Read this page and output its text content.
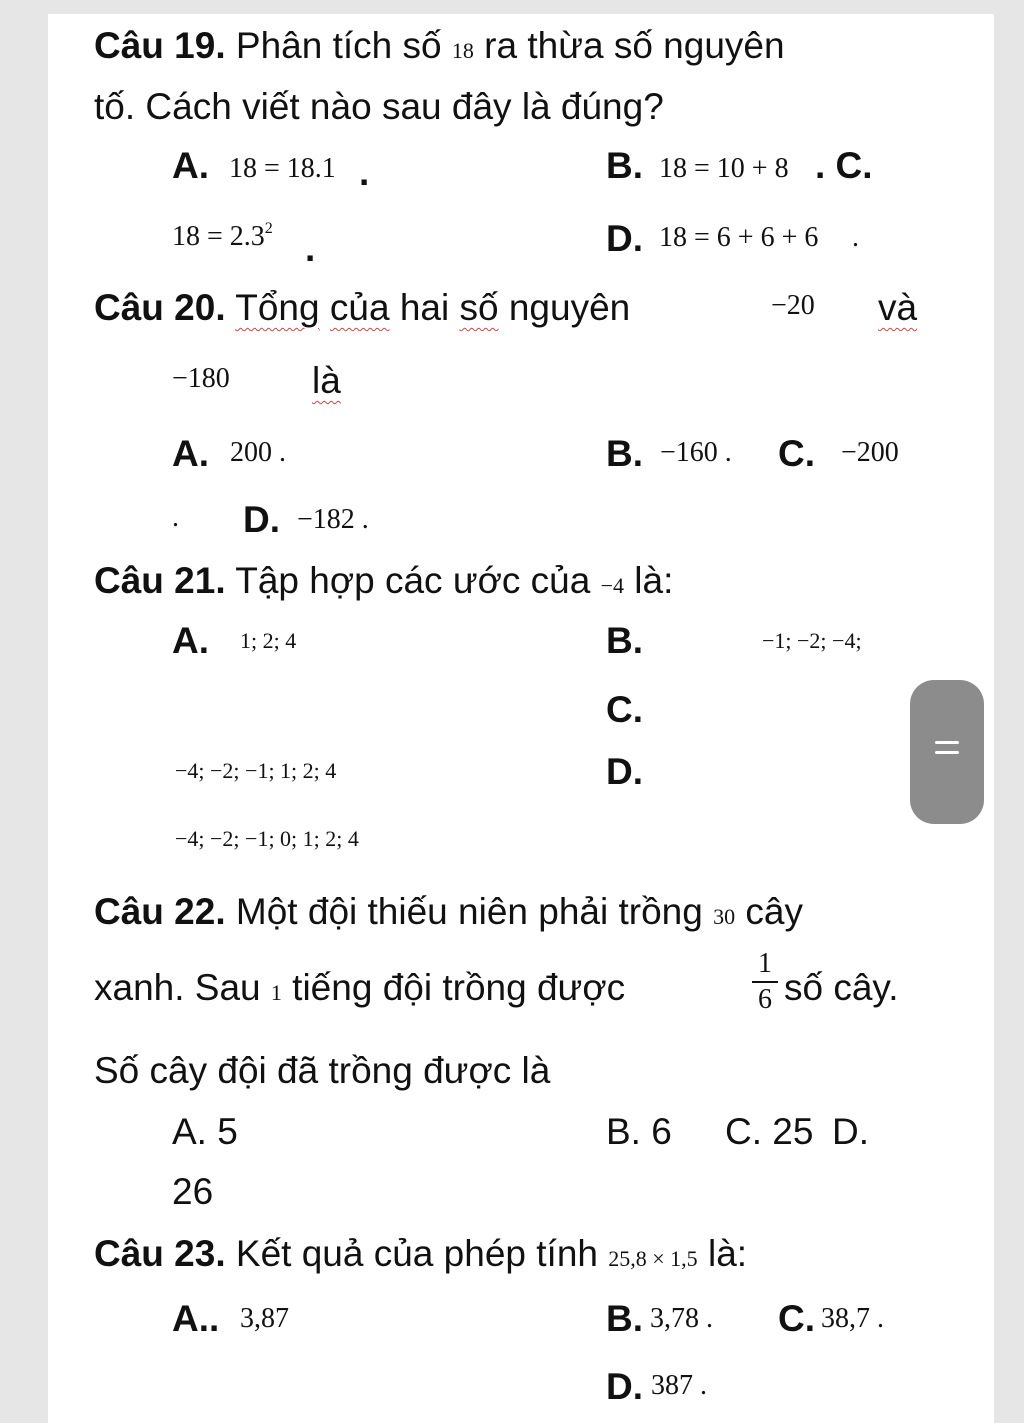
Câu 19. Phân tích số 18 ra thừa số nguyên
tố. Cách viết nào sau đây là đúng?
A. 18 = 18.1 .	B. 18 = 10 + 8 . C.
$18 = 2.3^2$ .	D. 18 = 6 + 6 + 6 .
Câu 20. Tổng của hai số nguyên	−20 và
−180 là
A. 200 .	B. −160 . C. −200
. D. −182 .
Câu 21. Tập hợp các ước của −4 là:
A. 1; 2; 4	B.	−1; −2; −4;
C.
−4; −2; −1; 1; 2; 4	D.
−4; −2; −1; 0; 1; 2; 4
Câu 22. Một đội thiếu niên phải trồng 30 cây
xanh. Sau 1 tiếng đội trồng được
1
6 số cây.
Số cây đội đã trồng được là
A. 5	B. 6 C. 25 D.
26
Câu 23. Kết quả của phép tính 25,8 × 1,5 là:
A.. 3,87	B. 3,78 . C. 38,7 .
D. 387 .
